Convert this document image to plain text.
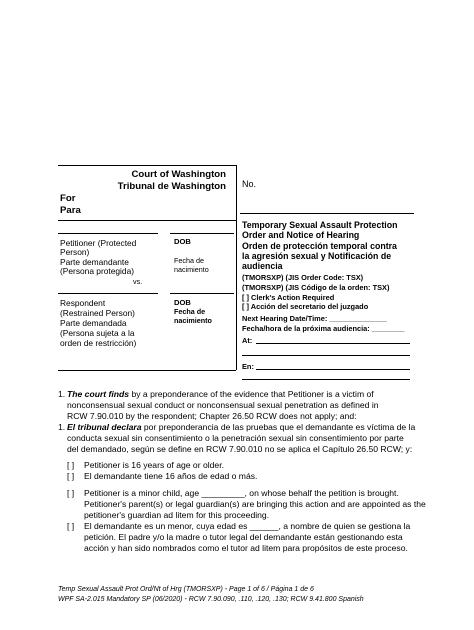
Court of Washington
Tribunal de Washington
For
Para
No.
Petitioner (Protected
Person)
Parte demandante
(Persona protegida)
vs.
DOB
Fecha de
nacimiento
Respondent
(Restrained Person)
Parte demandada
(Persona sujeta a la
orden de restricción)
DOB
Fecha de
nacimiento
Temporary Sexual Assault Protection
Order and Notice of Hearing
Orden de protección temporal contra
la agresión sexual y Notificación de
audiencia
(TMORSXP) (JIS Order Code: TSX)
(TMORSXP) (JIS Código de la orden: TSX)
[ ] Clerk's Action Required
[ ] Acción del secretario del juzgado
Next Hearing Date/Time: ______________
Fecha/hora de la próxima audiencia: ________
At:
En:
1. The court finds by a preponderance of the evidence that Petitioner is a victim of
nonconsensual sexual conduct or nonconsensual sexual penetration as defined in
RCW 7.90.010 by the respondent; Chapter 26.50 RCW does not apply; and:
1. El tribunal declara por preponderancia de las pruebas que el demandante es víctima de la
conducta sexual sin consentimiento o la penetración sexual sin consentimiento por parte
del demandado, según se define en RCW 7.90.010 no se aplica el Capítulo 26.50 RCW; y:
[ ] Petitioner is 16 years of age or older.
[ ] El demandante tiene 16 años de edad o más.
[ ] Petitioner is a minor child, age _________, on whose behalf the petition is brought.
Petitioner's parent(s) or legal guardian(s) are bringing this action and are appointed as the
petitioner's guardian ad litem for this proceeding.
[ ] El demandante es un menor, cuya edad es ______, a nombre de quien se gestiona la
petición. El padre y/o la madre o tutor legal del demandante están gestionando esta
acción y han sido nombrados como el tutor ad litem para propósitos de este proceso.
Temp Sexual Assault Prot Ord/Nt of Hrg (TMORSXP) - Page 1 of 6 / Página 1 de 6
WPF SA-2.015 Mandatory SP (06/2020) - RCW 7.90.090, .110, .120, .130; RCW 9.41.800 Spanish
